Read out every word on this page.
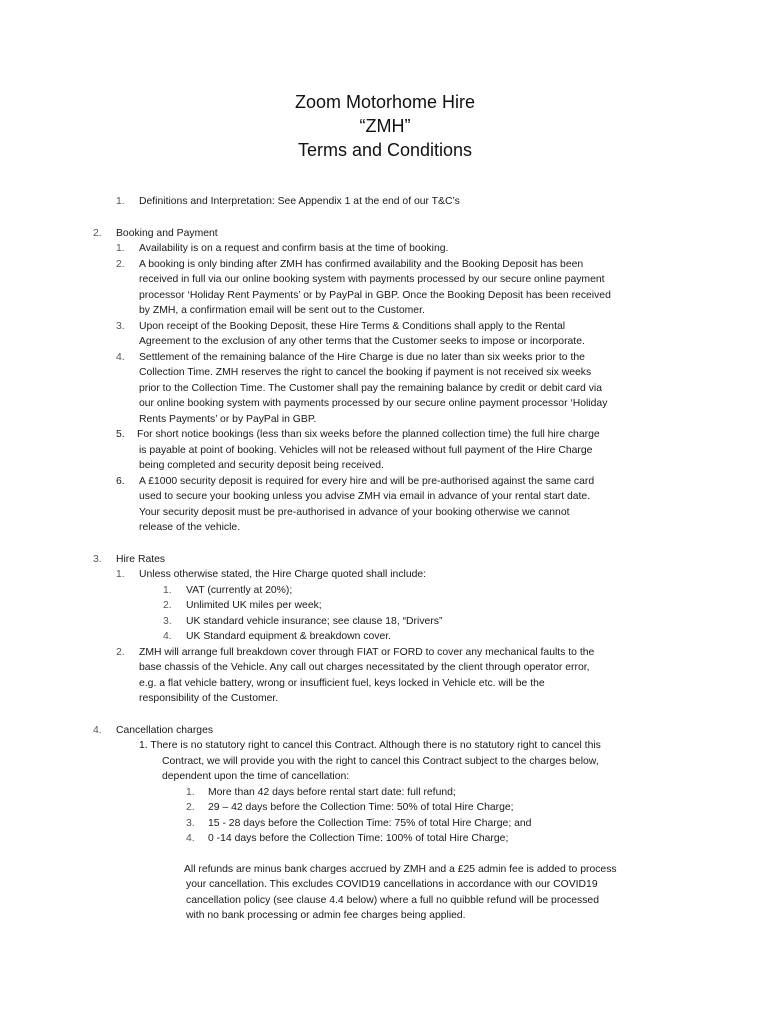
Zoom Motorhome Hire
“ZMH”
Terms and Conditions
1. Definitions and Interpretation: See Appendix 1 at the end of our T&C’s
2. Booking and Payment
1. Availability is on a request and confirm basis at the time of booking.
2. A booking is only binding after ZMH has confirmed availability and the Booking Deposit has been
received in full via our online booking system with payments processed by our secure online payment
processor ‘Holiday Rent Payments’ or by PayPal in GBP. Once the Booking Deposit has been received
by ZMH, a confirmation email will be sent out to the Customer.
3. Upon receipt of the Booking Deposit, these Hire Terms & Conditions shall apply to the Rental
Agreement to the exclusion of any other terms that the Customer seeks to impose or incorporate.
4. Settlement of the remaining balance of the Hire Charge is due no later than six weeks prior to the
Collection Time. ZMH reserves the right to cancel the booking if payment is not received six weeks
prior to the Collection Time. The Customer shall pay the remaining balance by credit or debit card via
our online booking system with payments processed by our secure online payment processor ‘Holiday
Rents Payments’ or by PayPal in GBP.
5. For short notice bookings (less than six weeks before the planned collection time) the full hire charge
is payable at point of booking. Vehicles will not be released without full payment of the Hire Charge
being completed and security deposit being received.
6. A £1000 security deposit is required for every hire and will be pre-authorised against the same card
used to secure your booking unless you advise ZMH via email in advance of your rental start date.
Your security deposit must be pre-authorised in advance of your booking otherwise we cannot
release of the vehicle.
3. Hire Rates
1. Unless otherwise stated, the Hire Charge quoted shall include:
1. VAT (currently at 20%);
2. Unlimited UK miles per week;
3. UK standard vehicle insurance; see clause 18, “Drivers”
4. UK Standard equipment & breakdown cover.
2. ZMH will arrange full breakdown cover through FIAT or FORD to cover any mechanical faults to the
base chassis of the Vehicle. Any call out charges necessitated by the client through operator error,
e.g. a flat vehicle battery, wrong or insufficient fuel, keys locked in Vehicle etc. will be the
responsibility of the Customer.
4. Cancellation charges
1. There is no statutory right to cancel this Contract. Although there is no statutory right to cancel this
Contract, we will provide you with the right to cancel this Contract subject to the charges below,
dependent upon the time of cancellation:
1. More than 42 days before rental start date: full refund;
2. 29 – 42 days before the Collection Time: 50% of total Hire Charge;
3. 15 - 28 days before the Collection Time: 75% of total Hire Charge; and
4. 0 -14 days before the Collection Time: 100% of total Hire Charge;
All refunds are minus bank charges accrued by ZMH and a £25 admin fee is added to process
your cancellation. This excludes COVID19 cancellations in accordance with our COVID19
cancellation policy (see clause 4.4 below) where a full no quibble refund will be processed
with no bank processing or admin fee charges being applied.
